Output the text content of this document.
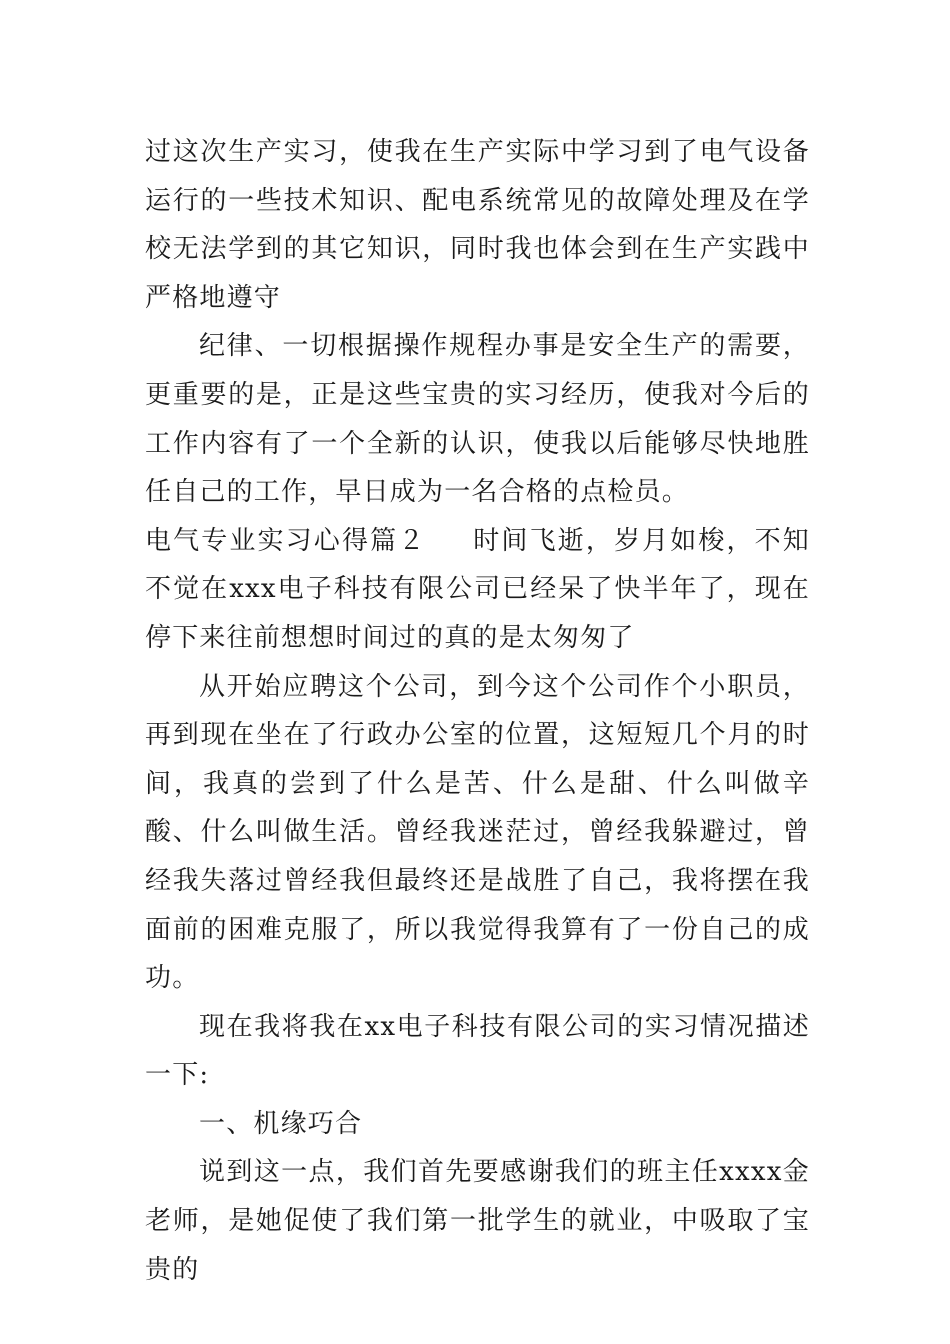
过这次生产实习，使我在生产实际中学习到了电气设备运行的一些技术知识、配电系统常见的故障处理及在学校无法学到的其它知识，同时我也体会到在生产实践中严格地遵守

纪律、一切根据操作规程办事是安全生产的需要，更重要的是，正是这些宝贵的实习经历，使我对今后的工作内容有了一个全新的认识，使我以后能够尽快地胜任自己的工作，早日成为一名合格的点检员。

电气专业实习心得篇２ 时间飞逝，岁月如梭，不知不觉在xxx电子科技有限公司已经呆了快半年了，现在停下来往前想想时间过的真的是太匆匆了

从开始应聘这个公司，到今这个公司作个小职员，再到现在坐在了行政办公室的位置，这短短几个月的时间，我真的尝到了什么是苦、什么是甜、什么叫做辛酸、什么叫做生活。曾经我迷茫过，曾经我躲避过，曾经我失落过曾经我但最终还是战胜了自己，我将摆在我面前的困难克服了，所以我觉得我算有了一份自己的成功。

现在我将我在xx电子科技有限公司的实习情况描述一下:

一、机缘巧合

说到这一点，我们首先要感谢我们的班主任xxxx金老师，是她促使了我们第一批学生的就业，中吸取了宝贵的
